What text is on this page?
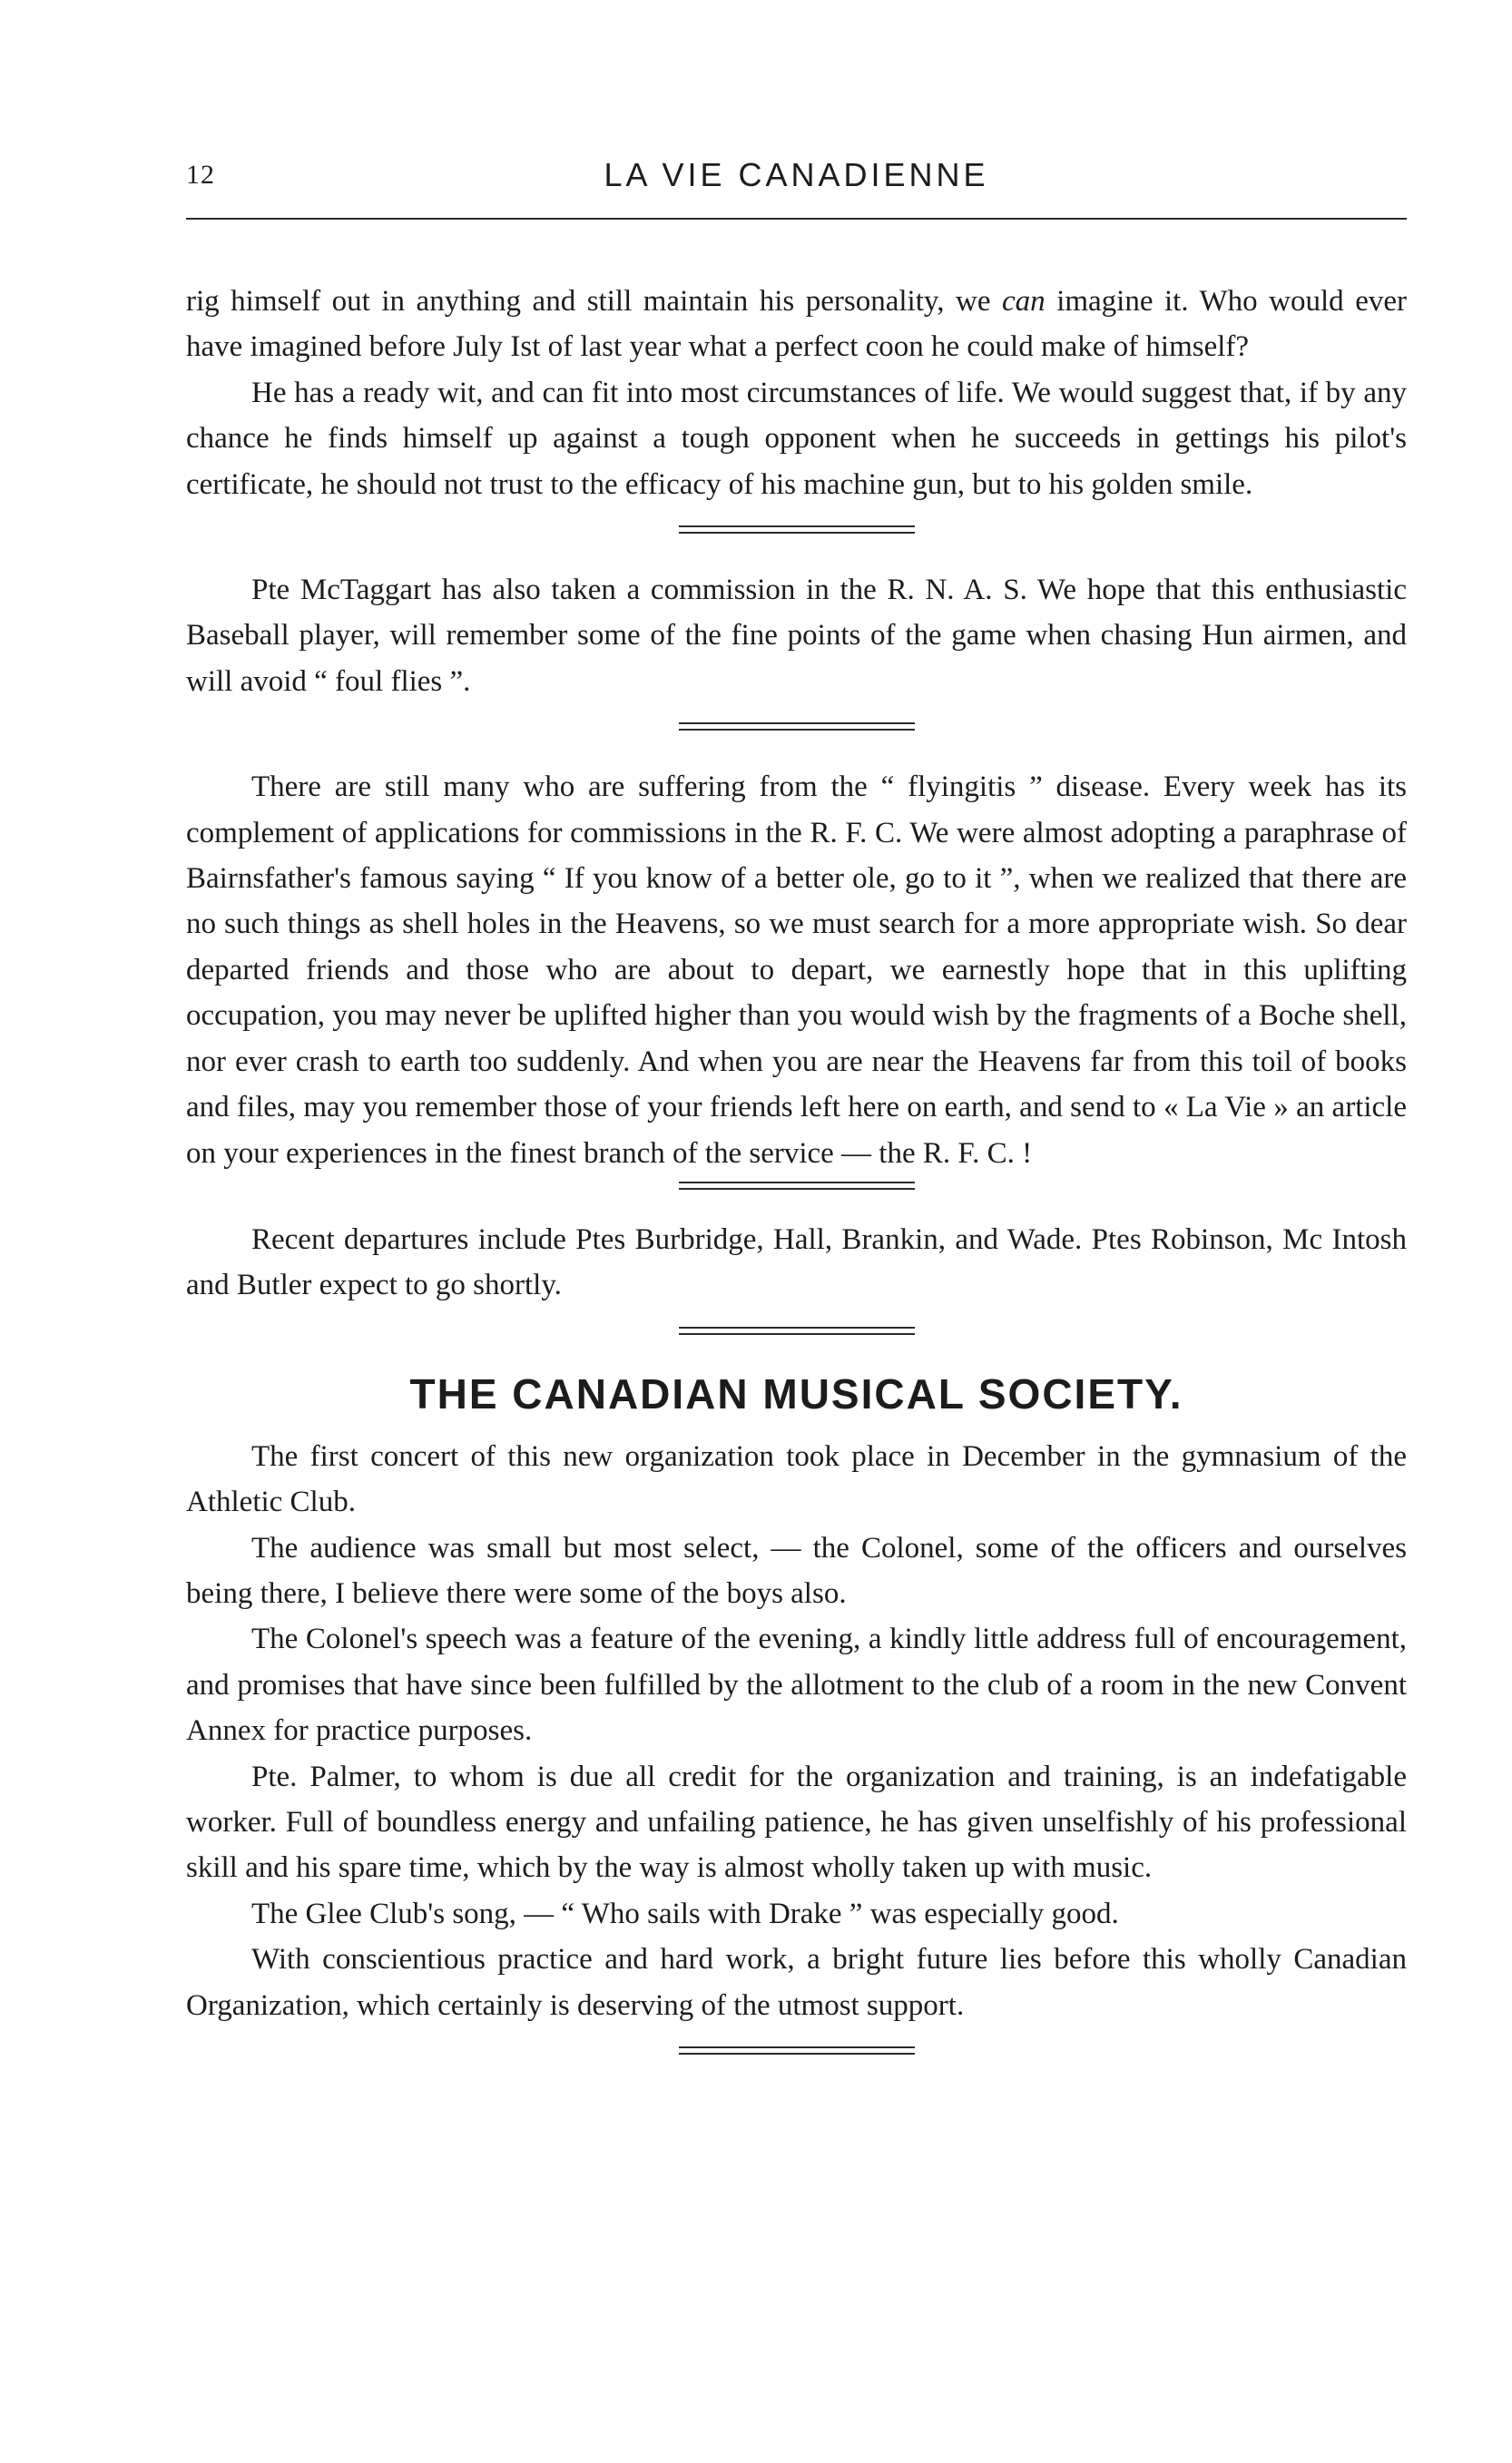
12	LA VIE CANADIENNE

rig himself out in anything and still maintain his personality, we can imagine it. Who would ever have imagined before July Ist of last year what a perfect coon he could make of himself?

He has a ready wit, and can fit into most circumstances of life. We would suggest that, if by any chance he finds himself up against a tough opponent when he succeeds in gettings his pilot's certificate, he should not trust to the efficacy of his machine gun, but to his golden smile.

Pte McTaggart has also taken a commission in the R. N. A. S. We hope that this enthusiastic Baseball player, will remember some of the fine points of the game when chasing Hun airmen, and will avoid “ foul flies ”.

There are still many who are suffering from the “ flyingitis ” disease. Every week has its complement of applications for commissions in the R. F. C. We were almost adopting a paraphrase of Bairnsfather's famous saying “ If you know of a better ole, go to it ”, when we realized that there are no such things as shell holes in the Heavens, so we must search for a more appropriate wish. So dear departed friends and those who are about to depart, we earnestly hope that in this uplifting occupation, you may never be uplifted higher than you would wish by the fragments of a Boche shell, nor ever crash to earth too suddenly. And when you are near the Heavens far from this toil of books and files, may you remember those of your friends left here on earth, and send to « La Vie » an article on your experiences in the finest branch of the service — the R. F. C. !

Recent departures include Ptes Burbridge, Hall, Brankin, and Wade. Ptes Robinson, Mc Intosh and Butler expect to go shortly.

THE CANADIAN MUSICAL SOCIETY.

The first concert of this new organization took place in December in the gymnasium of the Athletic Club.

The audience was small but most select, — the Colonel, some of the officers and ourselves being there, I believe there were some of the boys also.

The Colonel's speech was a feature of the evening, a kindly little address full of encouragement, and promises that have since been fulfilled by the allotment to the club of a room in the new Convent Annex for practice purposes.

Pte. Palmer, to whom is due all credit for the organization and training, is an indefatigable worker. Full of boundless energy and unfailing patience, he has given unselfishly of his professional skill and his spare time, which by the way is almost wholly taken up with music.

The Glee Club's song, — “ Who sails with Drake ” was especially good.

With conscientious practice and hard work, a bright future lies before this wholly Canadian Organization, which certainly is deserving of the utmost support.
